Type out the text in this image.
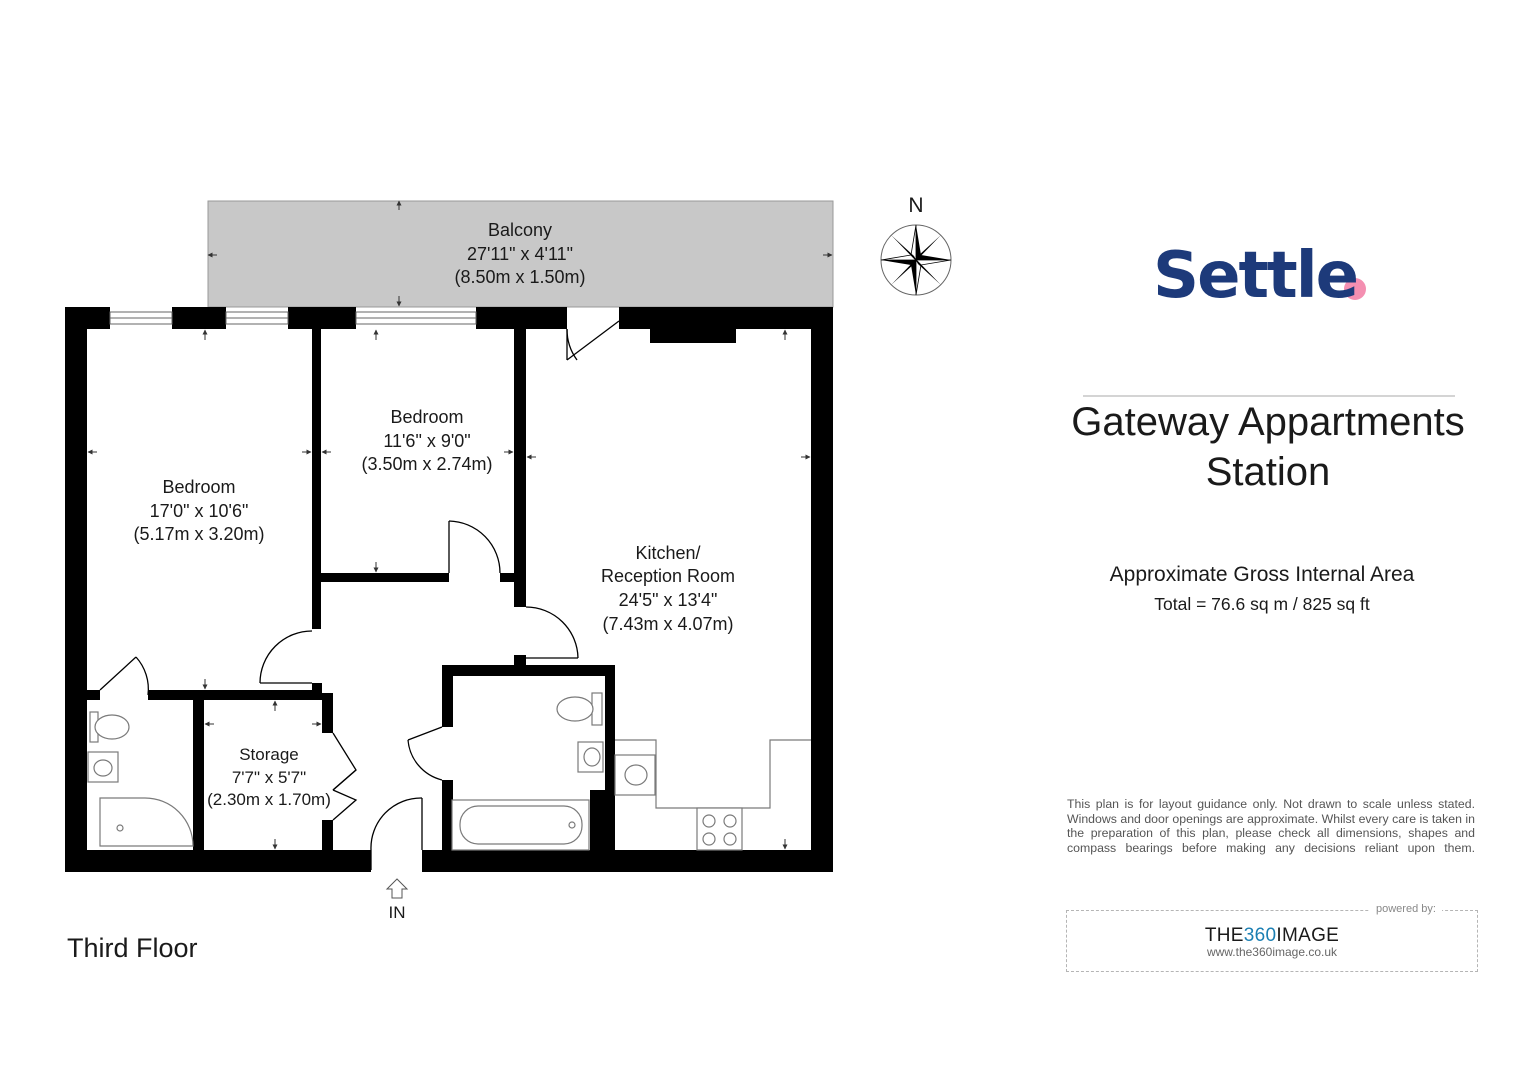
Balcony
27'11" x 4'11"
(8.50m x 1.50m)
Bedroom
17'0" x 10'6"
(5.17m x 3.20m)
Bedroom
11'6" x 9'0"
(3.50m x 2.74m)
Kitchen/
Reception Room
24'5" x 13'4"
(7.43m x 4.07m)
Storage
7'7" x 5'7"
(2.30m x 1.70m)
IN
N
Third Floor
Settle
Gateway Appartments
Station
Approximate Gross Internal Area
Total = 76.6 sq m / 825 sq ft
This plan is for layout guidance only. Not drawn to scale unless stated. Windows and door openings are approximate. Whilst every care is taken in the preparation of this plan, please check all dimensions, shapes and compass bearings before making any decisions reliant upon them.
powered by:
THE360IMAGE
www.the360image.co.uk
